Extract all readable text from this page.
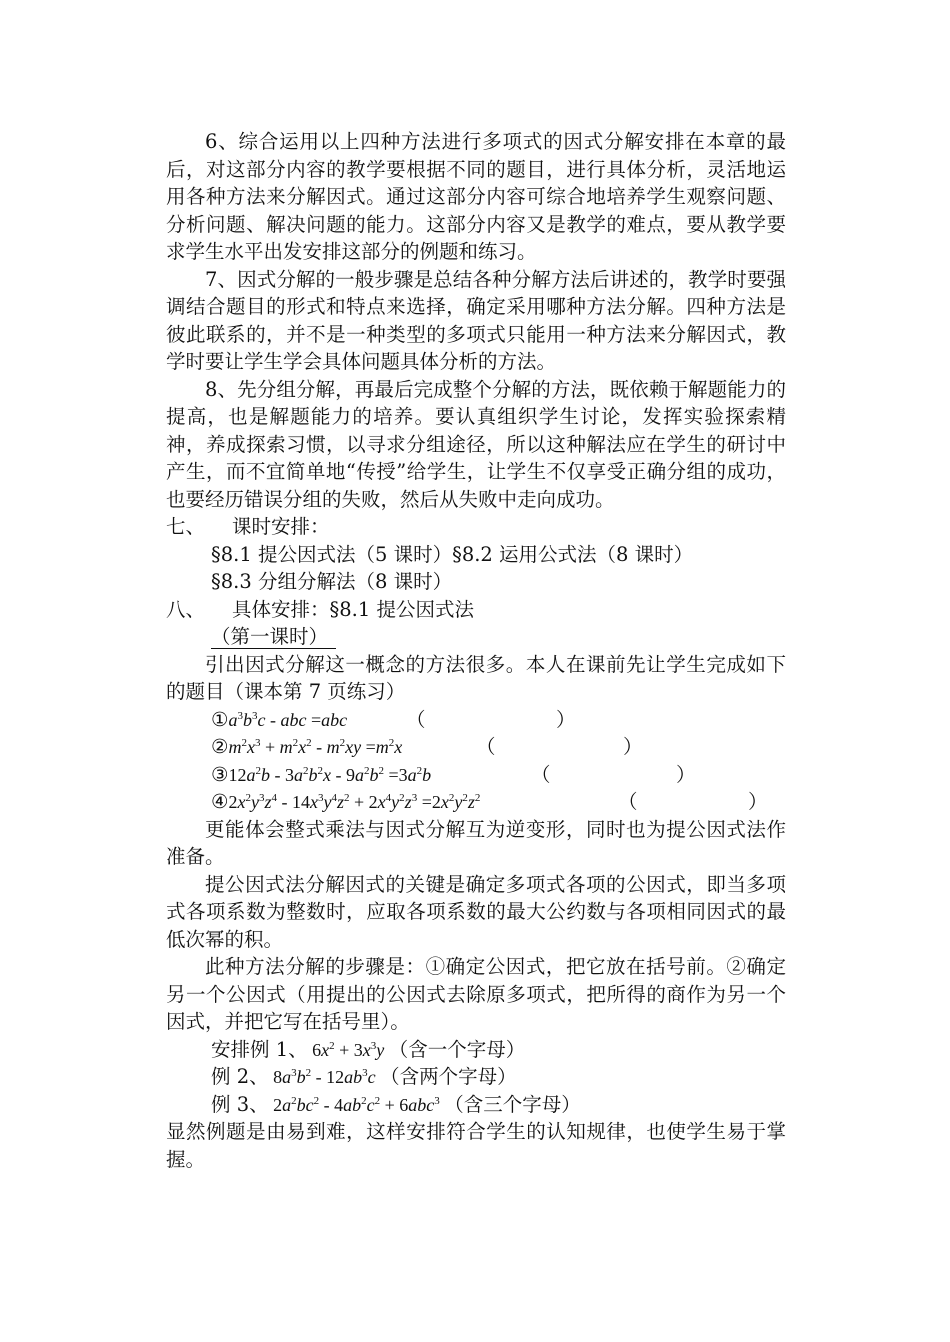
6、综合运用以上四种方法进行多项式的因式分解安排在本章的最后，对这部分内容的教学要根据不同的题目，进行具体分析，灵活地运用各种方法来分解因式。通过这部分内容可综合地培养学生观察问题、分析问题、解决问题的能力。这部分内容又是教学的难点，要从教学要求学生水平出发安排这部分的例题和练习。

7、因式分解的一般步骤是总结各种分解方法后讲述的，教学时要强调结合题目的形式和特点来选择，确定采用哪种方法分解。四种方法是彼此联系的，并不是一种类型的多项式只能用一种方法来分解因式，教学时要让学生学会具体问题具体分析的方法。

8、先分组分解，再最后完成整个分解的方法，既依赖于解题能力的提高，也是解题能力的培养。要认真组织学生讨论，发挥实验探索精神，养成探索习惯，以寻求分组途径，所以这种解法应在学生的研讨中产生，而不宜简单地“传授”给学生，让学生不仅享受正确分组的成功，也要经历错误分组的失败，然后从失败中走向成功。

七、 课时安排：
§8.1 提公因式法（5 课时）§8.2 运用公式法（8 课时）
§8.3 分组分解法（8 课时）
八、 具体安排：§8.1 提公因式法
（第一课时）

引出因式分解这一概念的方法很多。本人在课前先让学生完成如下的题目（课本第 7 页练习）

$①a^3b^3c$ - abc =abc	（	）
$②m^2x^3 + m^2x^2 - m^2xy =m^2x$	（	）
$③12a^2b - 3a^2b^2x - 9a^2b^2 =3a^2b$	（	）
$④2x^2y^3z^4 - 14x^3y^4z^2 + 2x^4y^2z^3 =2x^2y^2z^2$	（	）

更能体会整式乘法与因式分解互为逆变形，同时也为提公因式法作准备。

提公因式法分解因式的关键是确定多项式各项的公因式，即当多项式各项系数为整数时，应取各项系数的最大公约数与各项相同因式的最低次幂的积。

此种方法分解的步骤是：①确定公因式，把它放在括号前。②确定另一个公因式（用提出的公因式去除原多项式，把所得的商作为另一个因式，并把它写在括号里）。

安排例 1、 $6x^2 + 3x^3y$ （含一个字母）
例 2、 $8a^3b^2 - 12ab^3c$ （含两个字母）
例 3、 $2a^2bc^2 - 4ab^2c^2 + 6abc^3$ （含三个字母）

显然例题是由易到难，这样安排符合学生的认知规律，也使学生易于掌握。
